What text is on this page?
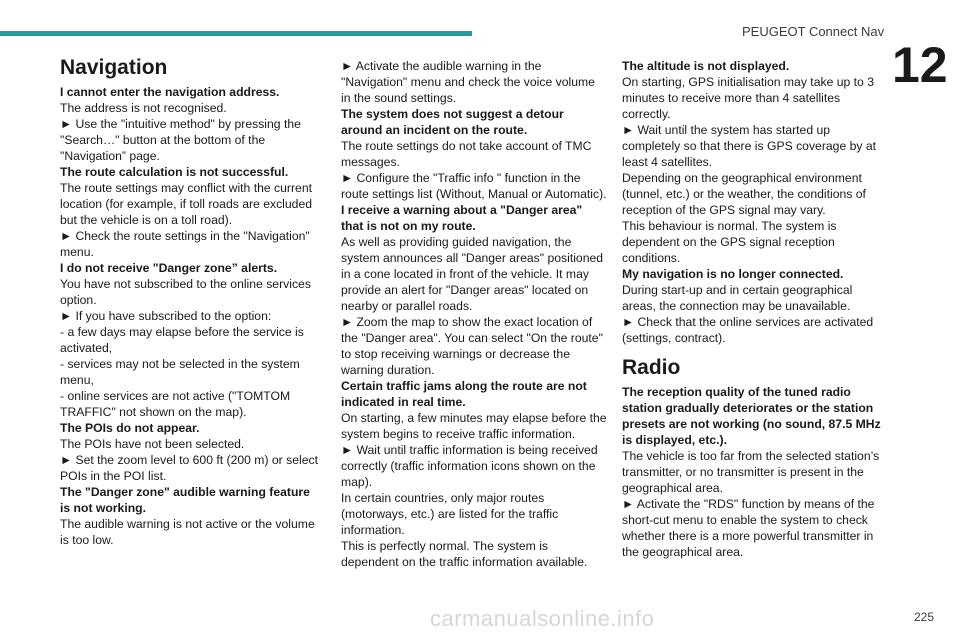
PEUGEOT Connect Nav
12
Navigation

I cannot enter the navigation address.

The address is not recognised.

► Use the "intuitive method" by pressing the "Search…" button at the bottom of the "Navigation” page.

The route calculation is not successful.

The route settings may conflict with the current location (for example, if toll roads are excluded but the vehicle is on a toll road).

► Check the route settings in the "Navigation" menu.

I do not receive "Danger zone” alerts.

You have not subscribed to the online services option.

► If you have subscribed to the option:

- a few days may elapse before the service is activated,

- services may not be selected in the system menu,

- online services are not active ("TOMTOM TRAFFIC" not shown on the map).

The POIs do not appear.

The POIs have not been selected.

► Set the zoom level to 600 ft (200 m) or select POIs in the POI list.

The "Danger zone" audible warning feature is not working.

The audible warning is not active or the volume is too low.

► Activate the audible warning in the "Navigation" menu and check the voice volume in the sound settings.

The system does not suggest a detour around an incident on the route.

The route settings do not take account of TMC messages.

► Configure the "Traffic info " function in the route settings list (Without, Manual or Automatic).

I receive a warning about a "Danger area" that is not on my route.

As well as providing guided navigation, the system announces all "Danger areas" positioned in a cone located in front of the vehicle. It may provide an alert for "Danger areas" located on nearby or parallel roads.

► Zoom the map to show the exact location of the "Danger area". You can select "On the route" to stop receiving warnings or decrease the warning duration.

Certain traffic jams along the route are not indicated in real time.

On starting, a few minutes may elapse before the system begins to receive traffic information.

► Wait until traffic information is being received correctly (traffic information icons shown on the map).

In certain countries, only major routes (motorways, etc.) are listed for the traffic information.

This is perfectly normal. The system is dependent on the traffic information available.

The altitude is not displayed.

On starting, GPS initialisation may take up to 3 minutes to receive more than 4 satellites correctly.

► Wait until the system has started up completely so that there is GPS coverage by at least 4 satellites.

Depending on the geographical environment (tunnel, etc.) or the weather, the conditions of reception of the GPS signal may vary.

This behaviour is normal. The system is dependent on the GPS signal reception conditions.

My navigation is no longer connected.

During start-up and in certain geographical areas, the connection may be unavailable.

► Check that the online services are activated (settings, contract).

Radio

The reception quality of the tuned radio station gradually deteriorates or the station presets are not working (no sound, 87.5 MHz is displayed, etc.).

The vehicle is too far from the selected station’s transmitter, or no transmitter is present in the geographical area.

► Activate the "RDS" function by means of the short-cut menu to enable the system to check whether there is a more powerful transmitter in the geographical area.

carmanualsonline.info	225
